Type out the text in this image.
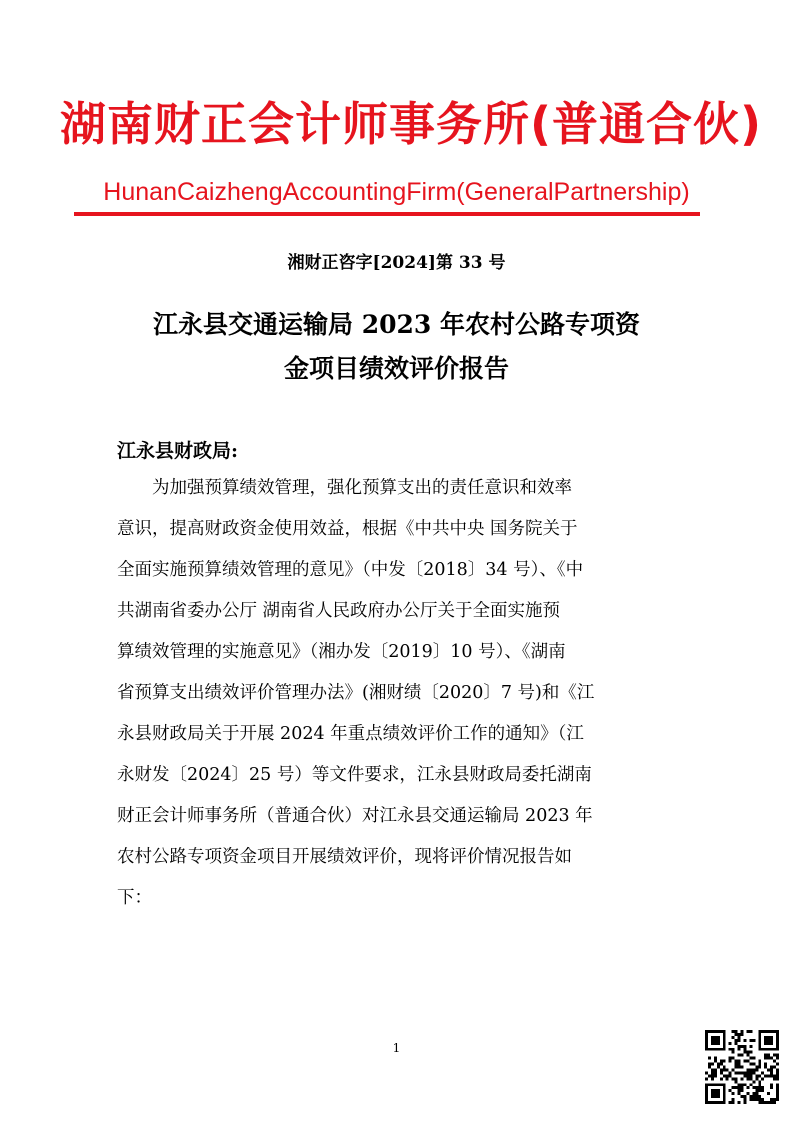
湖南财正会计师事务所(普通合伙)
HunanCaizhengAccountingFirm(GeneralPartnership)
湘财正咨字[2024]第 33 号
江永县交通运输局 2023 年农村公路专项资
金项目绩效评价报告
江永县财政局:
　　为加强预算绩效管理，强化预算支出的责任意识和效率
意识，提高财政资金使用效益，根据《中共中央 国务院关于
全面实施预算绩效管理的意见》（中发〔2018〕34 号）、《中
共湖南省委办公厅 湖南省人民政府办公厅关于全面实施预
算绩效管理的实施意见》（湘办发〔2019〕10 号）、《湖南
省预算支出绩效评价管理办法》(湘财绩〔2020〕7 号)和《江
永县财政局关于开展 2024 年重点绩效评价工作的通知》（江
永财发〔2024〕25 号）等文件要求，江永县财政局委托湖南
财正会计师事务所（普通合伙）对江永县交通运输局 2023 年
农村公路专项资金项目开展绩效评价，现将评价情况报告如
下：
1
